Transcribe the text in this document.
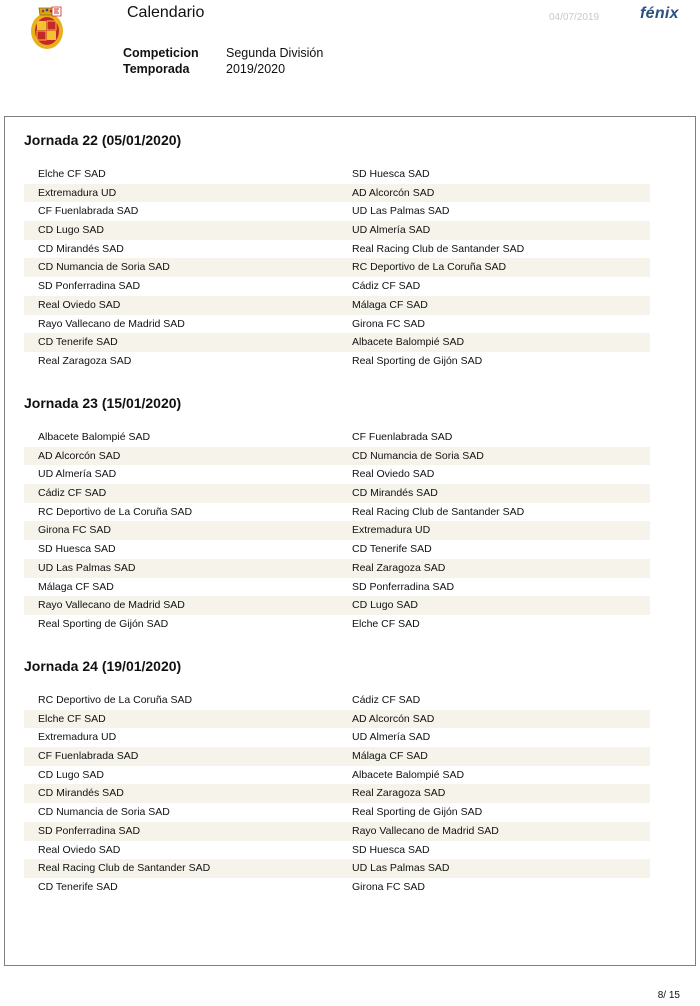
Calendario	04/07/2019	fénix
Competicion	Segunda División
Temporada	2019/2020
Jornada 22 (05/01/2020)
Elche CF SAD	SD Huesca SAD
Extremadura UD	AD Alcorcón SAD
CF Fuenlabrada SAD	UD Las Palmas SAD
CD Lugo SAD	UD Almería SAD
CD Mirandés SAD	Real Racing Club de Santander SAD
CD Numancia de Soria SAD	RC Deportivo de La Coruña SAD
SD Ponferradina SAD	Cádiz CF SAD
Real Oviedo SAD	Málaga CF SAD
Rayo Vallecano de Madrid SAD	Girona FC SAD
CD Tenerife SAD	Albacete Balompié SAD
Real Zaragoza SAD	Real Sporting de Gijón SAD
Jornada 23 (15/01/2020)
Albacete Balompié SAD	CF Fuenlabrada SAD
AD Alcorcón SAD	CD Numancia de Soria SAD
UD Almería SAD	Real Oviedo SAD
Cádiz CF SAD	CD Mirandés SAD
RC Deportivo de La Coruña SAD	Real Racing Club de Santander SAD
Girona FC SAD	Extremadura UD
SD Huesca SAD	CD Tenerife SAD
UD Las Palmas SAD	Real Zaragoza SAD
Málaga CF SAD	SD Ponferradina SAD
Rayo Vallecano de Madrid SAD	CD Lugo SAD
Real Sporting de Gijón SAD	Elche CF SAD
Jornada 24 (19/01/2020)
RC Deportivo de La Coruña SAD	Cádiz CF SAD
Elche CF SAD	AD Alcorcón SAD
Extremadura UD	UD Almería SAD
CF Fuenlabrada SAD	Málaga CF SAD
CD Lugo SAD	Albacete Balompié SAD
CD Mirandés SAD	Real Zaragoza SAD
CD Numancia de Soria SAD	Real Sporting de Gijón SAD
SD Ponferradina SAD	Rayo Vallecano de Madrid SAD
Real Oviedo SAD	SD Huesca SAD
Real Racing Club de Santander SAD	UD Las Palmas SAD
CD Tenerife SAD	Girona FC SAD
8/ 15
